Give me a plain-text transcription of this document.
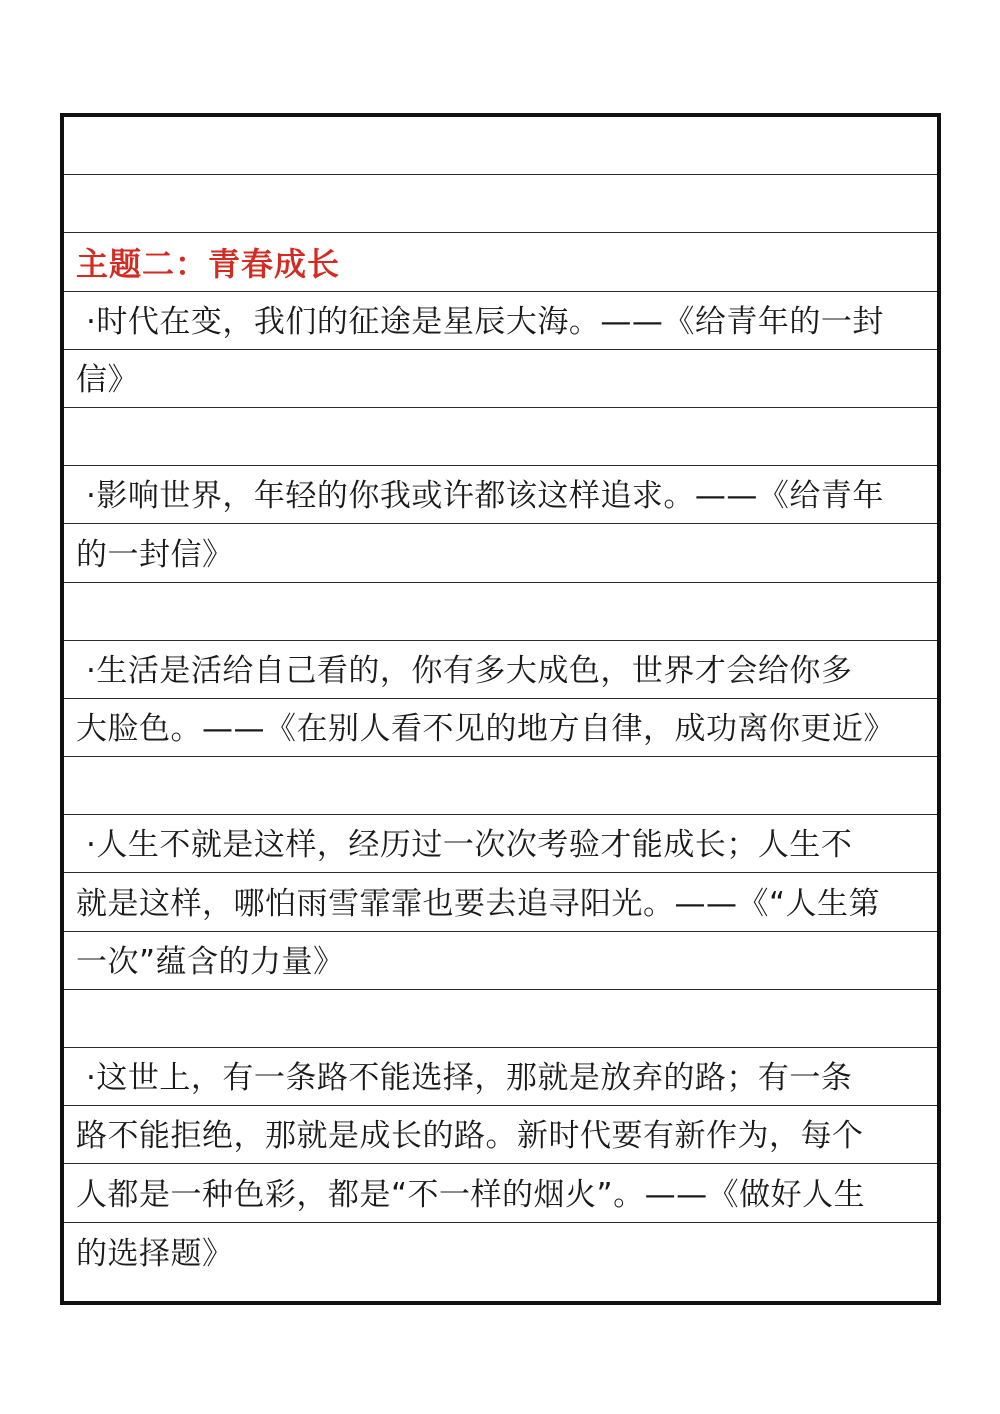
主题二：青春成长
·时代在变，我们的征途是星辰大海。——《给青年的一封
信》
·影响世界，年轻的你我或许都该这样追求。——《给青年
的一封信》
·生活是活给自己看的，你有多大成色，世界才会给你多
大脸色。——《在别人看不见的地方自律，成功离你更近》
·人生不就是这样，经历过一次次考验才能成长；人生不
就是这样，哪怕雨雪霏霏也要去追寻阳光。——《“人生第
一次”蕴含的力量》
·这世上，有一条路不能选择，那就是放弃的路；有一条
路不能拒绝，那就是成长的路。新时代要有新作为，每个
人都是一种色彩，都是“不一样的烟火”。——《做好人生
的选择题》
